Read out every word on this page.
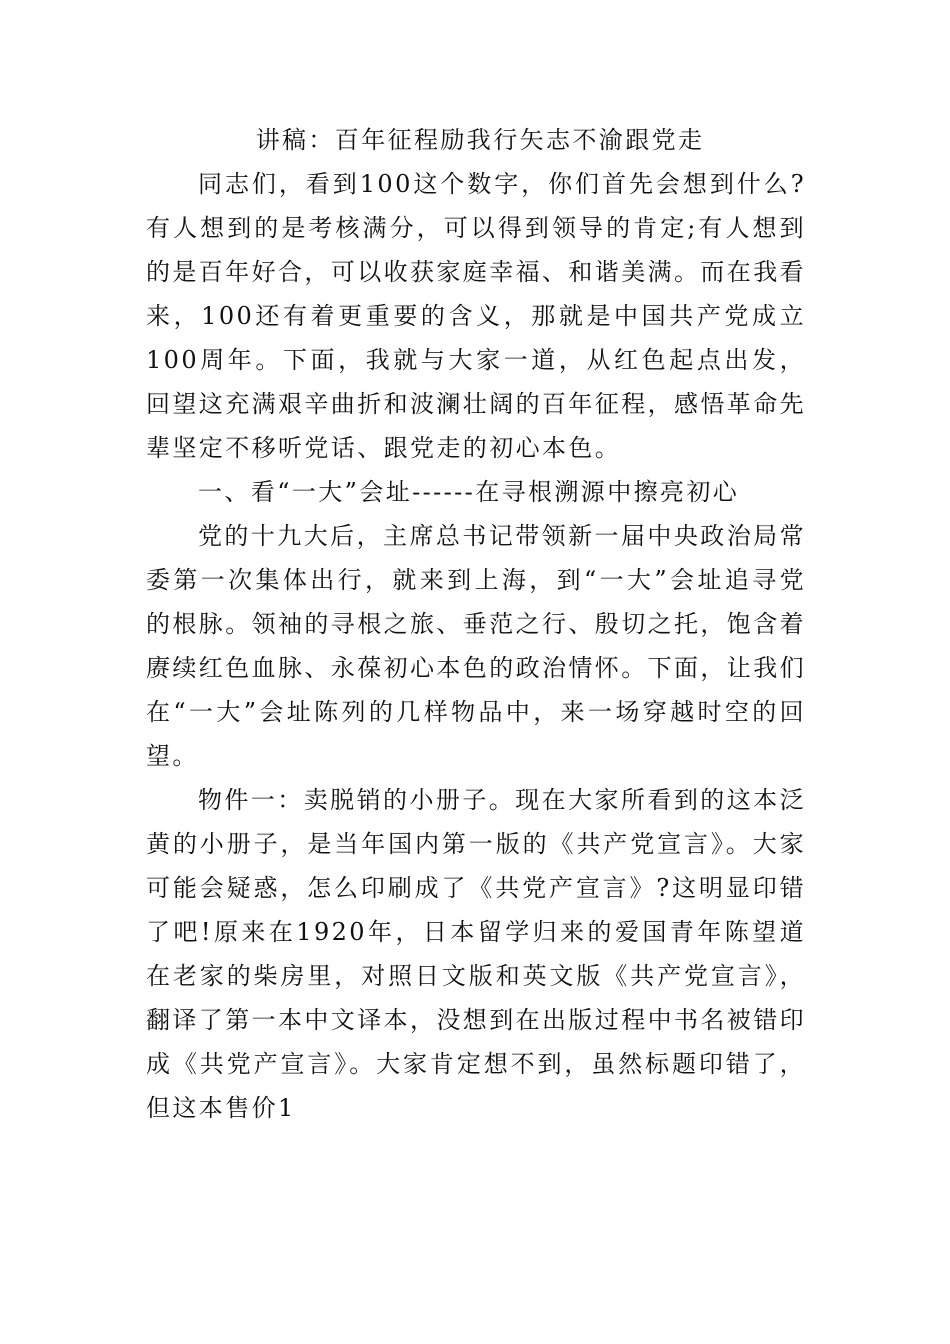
讲稿：百年征程励我行矢志不渝跟党走

同志们，看到100这个数字，你们首先会想到什么?有人想到的是考核满分，可以得到领导的肯定;有人想到的是百年好合，可以收获家庭幸福、和谐美满。而在我看来，100还有着更重要的含义，那就是中国共产党成立100周年。下面，我就与大家一道，从红色起点出发，回望这充满艰辛曲折和波澜壮阔的百年征程，感悟革命先辈坚定不移听党话、跟党走的初心本色。

一、看“一大”会址------在寻根溯源中擦亮初心

党的十九大后，主席总书记带领新一届中央政治局常委第一次集体出行，就来到上海，到“一大”会址追寻党的根脉。领袖的寻根之旅、垂范之行、殷切之托，饱含着赓续红色血脉、永葆初心本色的政治情怀。下面，让我们在“一大”会址陈列的几样物品中，来一场穿越时空的回望。

物件一：卖脱销的小册子。现在大家所看到的这本泛黄的小册子，是当年国内第一版的《共产党宣言》。大家可能会疑惑，怎么印刷成了《共党产宣言》?这明显印错了吧!原来在1920年，日本留学归来的爱国青年陈望道在老家的柴房里，对照日文版和英文版《共产党宣言》，翻译了第一本中文译本，没想到在出版过程中书名被错印成《共党产宣言》。大家肯定想不到，虽然标题印错了，但这本售价1
